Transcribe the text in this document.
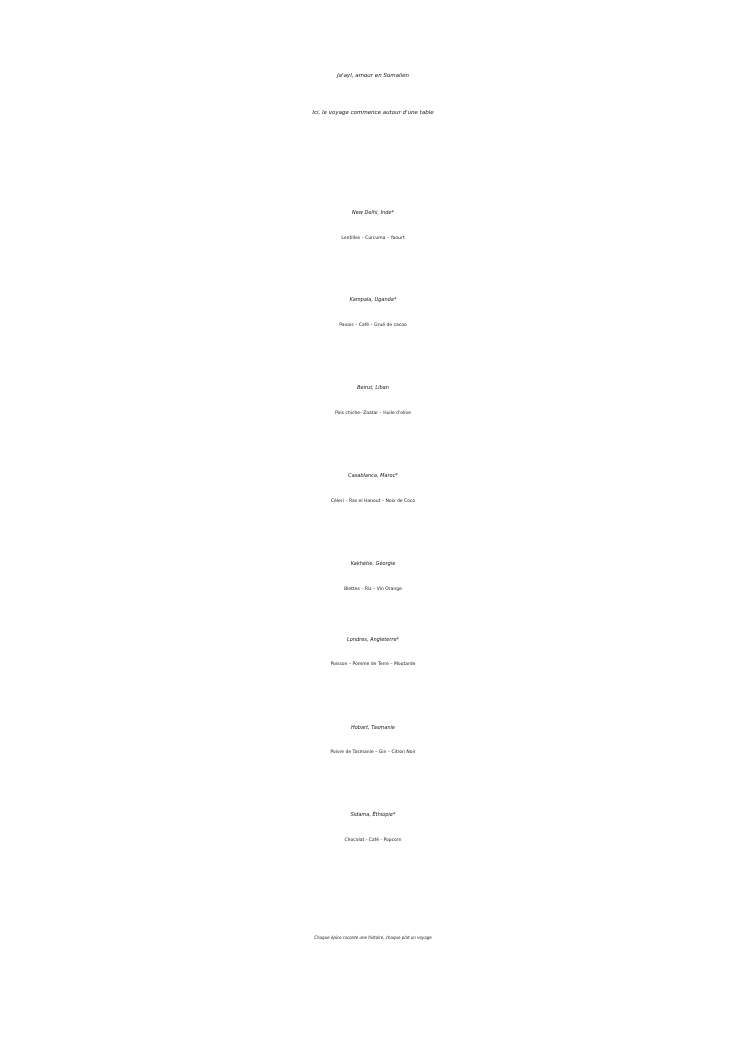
Ja'ayl, amour en Somalien
Ici, le voyage commence autour d'une table
New Delhi, Inde*
Lentilles – Curcuma – Yaourt
Kampala, Uganda*
Panais – Café – Grué de cacao
Beirut, Liban
Pois chiche- Zaatar – Huile d'olive
Casablanca, Maroc*
Céleri – Ras el Hanout – Noix de Coco
Kakhétie, Géorgie
Blettes – Riz – Vin Orange
Londres, Angleterre*
Poisson – Pomme de Terre – Moutarde
Hobart, Tasmanie
Poivre de Tasmanie – Gin – Citron Noir
Sidama, Éthiopie*
Chocolat - Café - Popcorn
Chaque épice raconte une histoire, chaque plat un voyage
